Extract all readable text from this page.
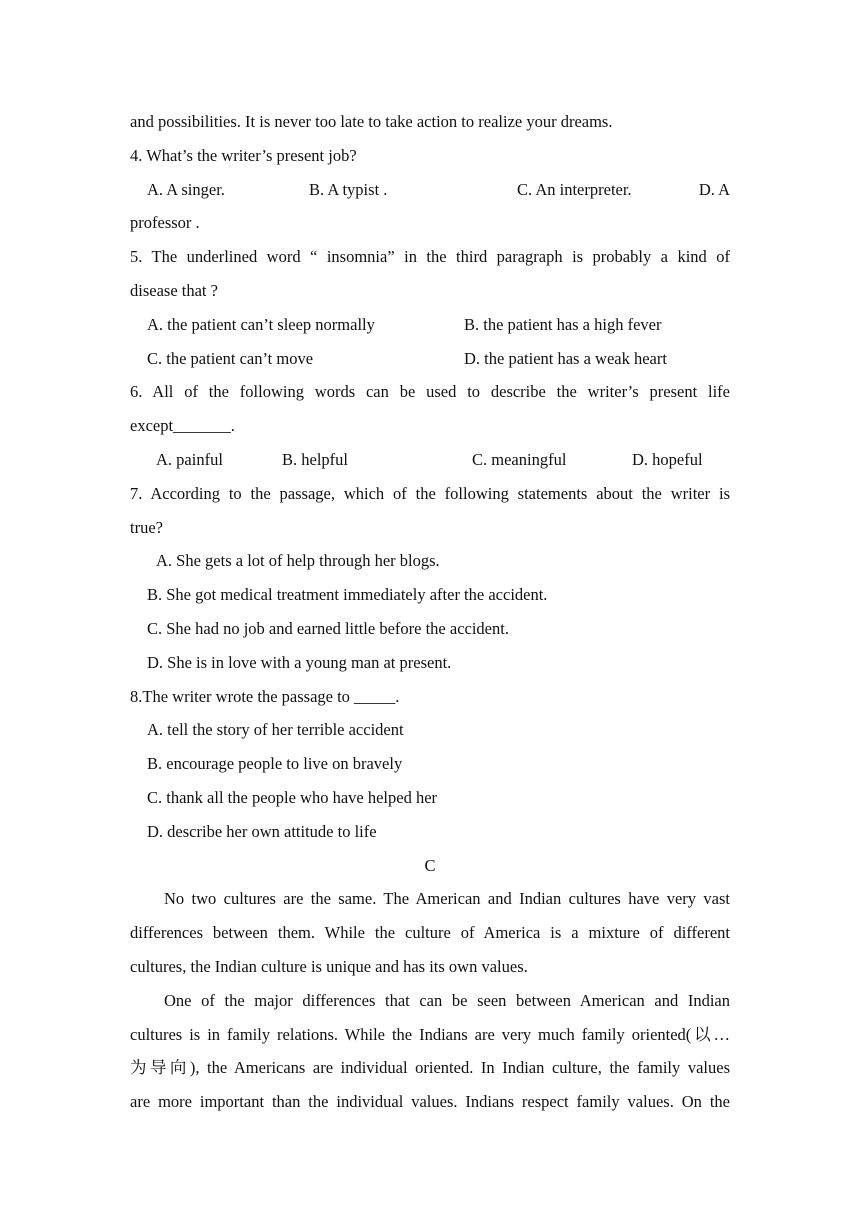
and possibilities. It is never too late to take action to realize your dreams.
4. What’s the writer’s present job?
A. A singer.	B. A typist .	C. An interpreter.	D. A
professor .
5. The underlined word “ insomnia” in the third paragraph is probably a kind of
disease that ?
A. the patient can’t sleep normally	B. the patient has a high fever
C. the patient can’t move	D. the patient has a weak heart
6. All of the following words can be used to describe the writer’s present life
except_______.
A. painful	B. helpful	C. meaningful	D. hopeful
7. According to the passage, which of the following statements about the writer is
true?
A. She gets a lot of help through her blogs.
B. She got medical treatment immediately after the accident.
C. She had no job and earned little before the accident.
D. She is in love with a young man at present.
8.The writer wrote the passage to _____.
A. tell the story of her terrible accident
B. encourage people to live on bravely
C. thank all the people who have helped her
D. describe her own attitude to life
C
No two cultures are the same. The American and Indian cultures have very vast
differences between them. While the culture of America is a mixture of different
cultures, the Indian culture is unique and has its own values.
One of the major differences that can be seen between American and Indian
cultures is in family relations. While the Indians are very much family oriented(以…
为导向), the Americans are individual oriented. In Indian culture, the family values
are more important than the individual values. Indians respect family values. On the
